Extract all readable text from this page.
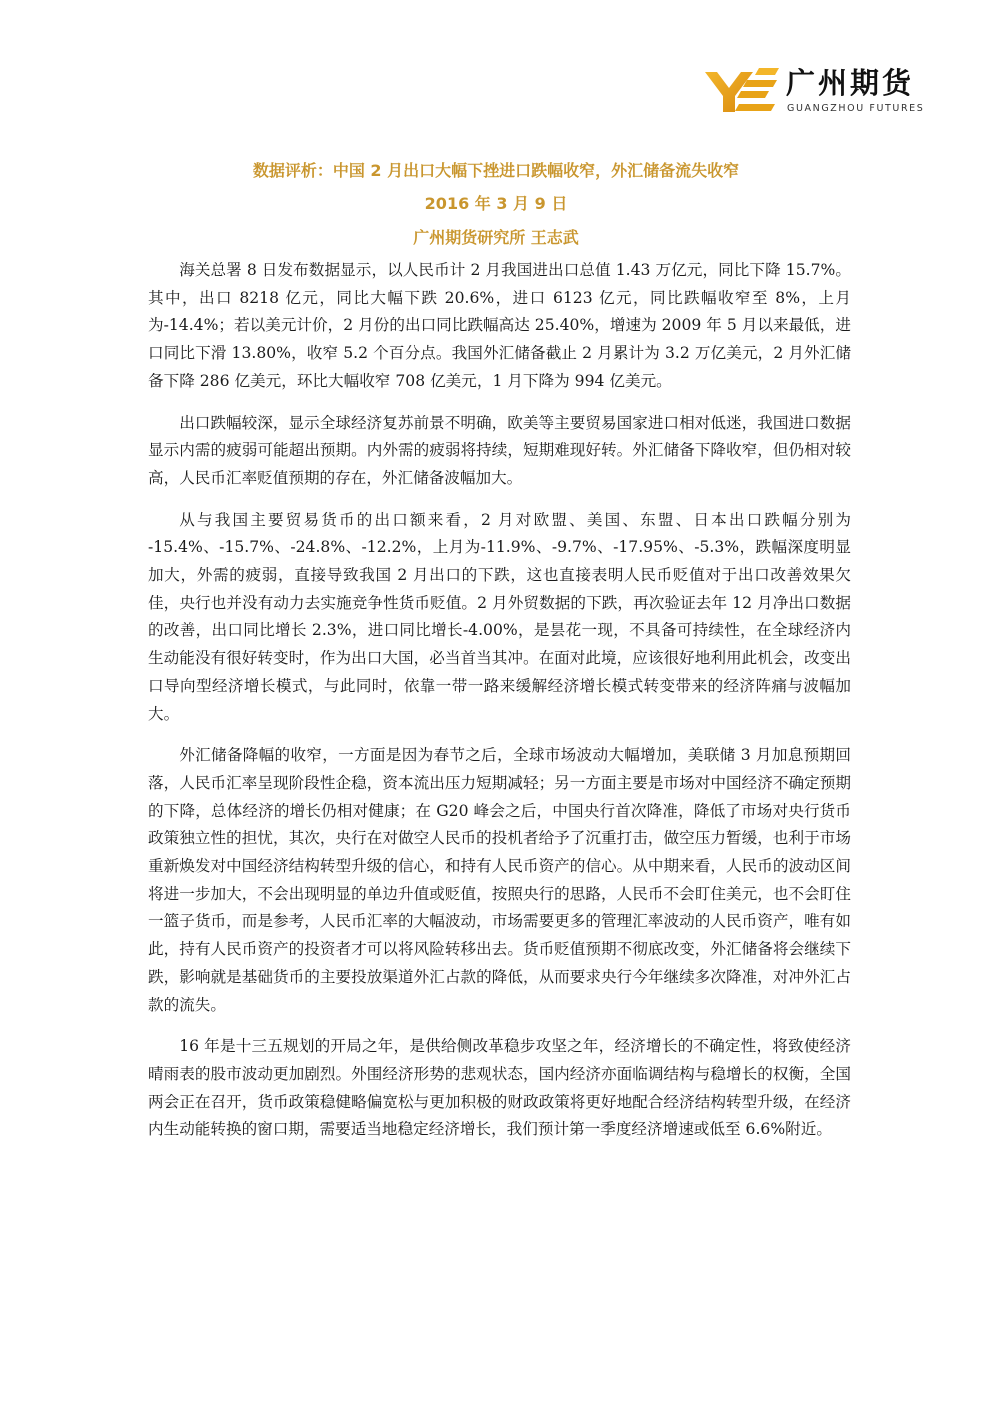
广州期货
GUANGZHOU FUTURES
数据评析：中国 2 月出口大幅下挫进口跌幅收窄，外汇储备流失收窄
2016 年 3 月 9 日
广州期货研究所 王志武

海关总署 8 日发布数据显示，以人民币计 2 月我国进出口总值 1.43 万亿元，同比下降 15.7%。其中，出口 8218 亿元，同比大幅下跌 20.6%，进口 6123 亿元，同比跌幅收窄至 8%，上月为-14.4%；若以美元计价，2 月份的出口同比跌幅高达 25.40%，增速为 2009 年 5 月以来最低，进口同比下滑 13.80%，收窄 5.2 个百分点。我国外汇储备截止 2 月累计为 3.2 万亿美元，2 月外汇储备下降 286 亿美元，环比大幅收窄 708 亿美元，1 月下降为 994 亿美元。

出口跌幅较深，显示全球经济复苏前景不明确，欧美等主要贸易国家进口相对低迷，我国进口数据显示内需的疲弱可能超出预期。内外需的疲弱将持续，短期难现好转。外汇储备下降收窄，但仍相对较高，人民币汇率贬值预期的存在，外汇储备波幅加大。

从与我国主要贸易货币的出口额来看，2 月对欧盟、美国、东盟、日本出口跌幅分别为 -15.4%、-15.7%、-24.8%、-12.2%，上月为-11.9%、-9.7%、-17.95%、-5.3%，跌幅深度明显加大，外需的疲弱，直接导致我国 2 月出口的下跌，这也直接表明人民币贬值对于出口改善效果欠佳，央行也并没有动力去实施竞争性货币贬值。2 月外贸数据的下跌，再次验证去年 12 月净出口数据的改善，出口同比增长 2.3%，进口同比增长-4.00%，是昙花一现，不具备可持续性，在全球经济内生动能没有很好转变时，作为出口大国，必当首当其冲。在面对此境，应该很好地利用此机会，改变出口导向型经济增长模式，与此同时，依靠一带一路来缓解经济增长模式转变带来的经济阵痛与波幅加大。

外汇储备降幅的收窄，一方面是因为春节之后，全球市场波动大幅增加，美联储 3 月加息预期回落，人民币汇率呈现阶段性企稳，资本流出压力短期减轻；另一方面主要是市场对中国经济不确定预期的下降，总体经济的增长仍相对健康；在 G20 峰会之后，中国央行首次降准，降低了市场对央行货币政策独立性的担忧，其次，央行在对做空人民币的投机者给予了沉重打击，做空压力暂缓，也利于市场重新焕发对中国经济结构转型升级的信心，和持有人民币资产的信心。从中期来看，人民币的波动区间将进一步加大，不会出现明显的单边升值或贬值，按照央行的思路，人民币不会盯住美元，也不会盯住一篮子货币，而是参考，人民币汇率的大幅波动，市场需要更多的管理汇率波动的人民币资产，唯有如此，持有人民币资产的投资者才可以将风险转移出去。货币贬值预期不彻底改变，外汇储备将会继续下跌，影响就是基础货币的主要投放渠道外汇占款的降低，从而要求央行今年继续多次降准，对冲外汇占款的流失。

16 年是十三五规划的开局之年，是供给侧改革稳步攻坚之年，经济增长的不确定性，将致使经济晴雨表的股市波动更加剧烈。外围经济形势的悲观状态，国内经济亦面临调结构与稳增长的权衡，全国两会正在召开，货币政策稳健略偏宽松与更加积极的财政政策将更好地配合经济结构转型升级，在经济内生动能转换的窗口期，需要适当地稳定经济增长，我们预计第一季度经济增速或低至 6.6%附近。
